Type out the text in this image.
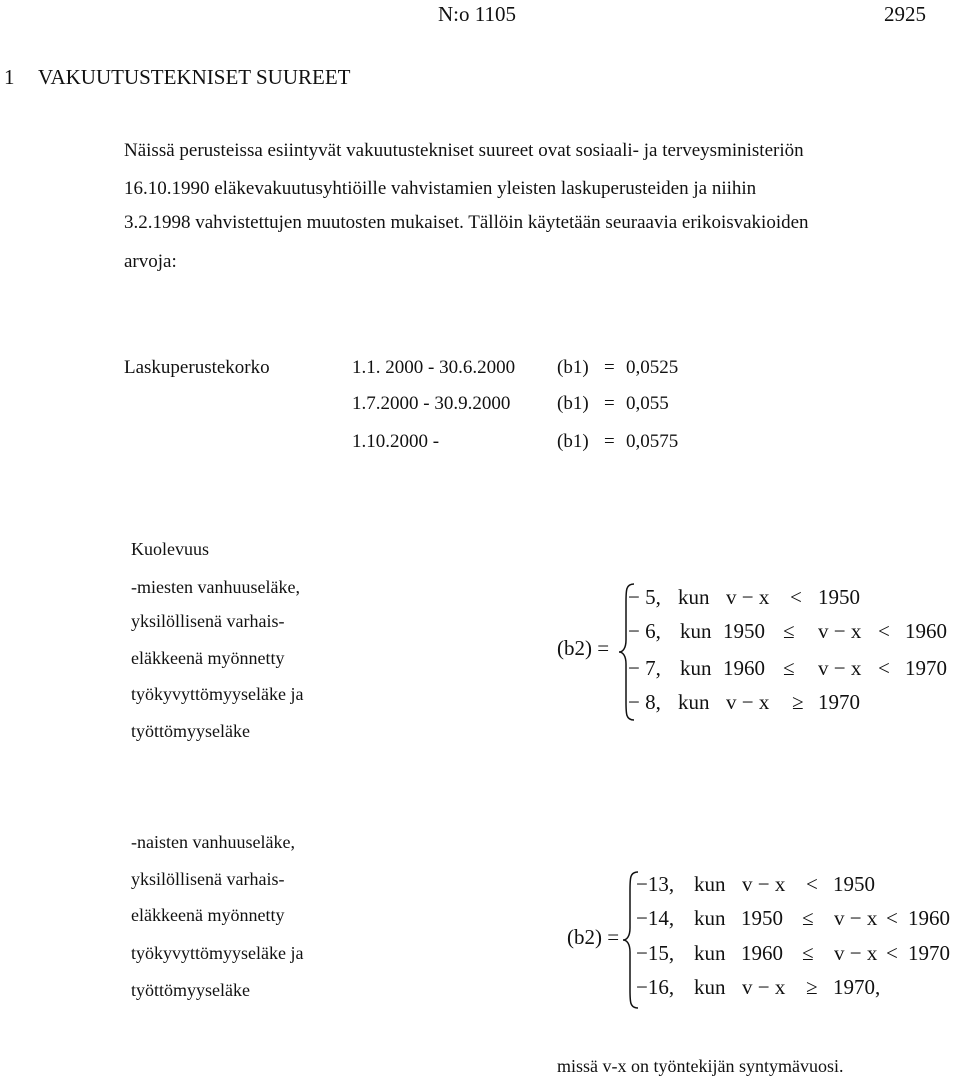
N:o 1105	2925
1 VAKUUTUSTEKNISET SUUREET
Näissä perusteissa esiintyvät vakuutustekniset suureet ovat sosiaali- ja terveysministeriön
16.10.1990 eläkevakuutusyhtiöille vahvistamien yleisten laskuperusteiden ja niihin
3.2.1998 vahvistettujen muutosten mukaiset. Tällöin käytetään seuraavia erikoisvakioiden
arvoja:
Laskuperustekorko	1.1. 2000 - 30.6.2000 (b1) = 0,0525
1.7.2000 - 30.9.2000 (b1) = 0,055
1.10.2000 -	(b1) = 0,0575
Kuolevuus
-miesten vanhuuseläke,
yksilöllisenä varhais-
eläkkeenä myönnetty
työkyvyttömyyseläke ja
työttömyyseläke
(b2) =
− 5, kun v − x < 1950
− 6, kun 1950 ≤ v − x < 1960
− 7, kun 1960 ≤ v − x < 1970
− 8, kun v − x ≥ 1970
-naisten vanhuuseläke,
yksilöllisenä varhais-
eläkkeenä myönnetty
työkyvyttömyyseläke ja
työttömyyseläke
(b2) =
−13, kun v − x < 1950
−14, kun 1950 ≤ v − x < 1960
−15, kun 1960 ≤ v − x < 1970
−16, kun v − x ≥ 1970,
missä v-x on työntekijän syntymävuosi.
